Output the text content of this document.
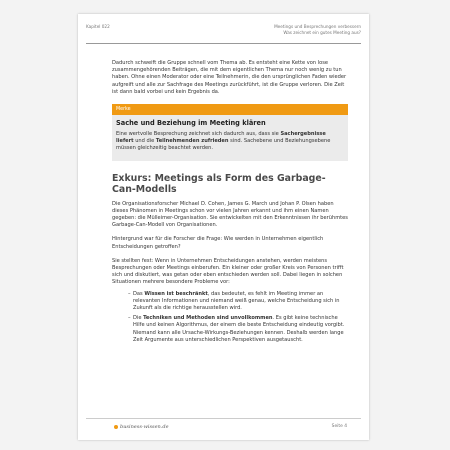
Kapitel 022	Meetings und Besprechungen verbessern
Was zeichnet ein gutes Meeting aus?

Dadurch schweift die Gruppe schnell vom Thema ab. Es entsteht eine Kette von lose zusammengehörenden Beiträgen, die mit dem eigentlichen Thema nur noch wenig zu tun haben. Ohne einen Moderator oder eine Teilnehmerin, die den ursprünglichen Faden wieder aufgreift und alle zur Sachfrage des Meetings zurückführt, ist die Gruppe verloren. Die Zeit ist dann bald vorbei und kein Ergebnis da.

Merke
Sache und Beziehung im Meeting klären
Eine wertvolle Besprechung zeichnet sich dadurch aus, dass sie Sachergebnisse liefert und die Teilnehmenden zufrieden sind. Sachebene und Beziehungsebene müssen gleichzeitig beachtet werden.
Exkurs: Meetings als Form des Garbage-Can-Modells

Die Organisationsforscher Michael D. Cohen, James G. March und Johan P. Olsen haben dieses Phänomen in Meetings schon vor vielen Jahren erkannt und ihm einen Namen gegeben: die Mülleimer-Organisation. Sie entwickelten mit den Erkenntnissen ihr berühmtes Garbage-Can-Modell von Organisationen.

Hintergrund war für die Forscher die Frage: Wie werden in Unternehmen eigentlich Entscheidungen getroffen?

Sie stellten fest: Wenn in Unternehmen Entscheidungen anstehen, werden meistens Besprechungen oder Meetings einberufen. Ein kleiner oder großer Kreis von Personen trifft sich und diskutiert, was getan oder eben entschieden werden soll. Dabei liegen in solchen Situationen mehrere besondere Probleme vor:

– Das Wissen ist beschränkt, das bedeutet, es fehlt im Meeting immer an relevanten Informationen und niemand weiß genau, welche Entscheidung sich in Zukunft als die richtige herausstellen wird.
– Die Techniken und Methoden sind unvollkommen. Es gibt keine technische Hilfe und keinen Algorithmus, der einem die beste Entscheidung eindeutig vorgibt. Niemand kann alle Ursache-Wirkungs-Beziehungen kennen. Deshalb werden lange Zeit Argumente aus unterschiedlichen Perspektiven ausgetauscht.
business-wissen.de	Seite 4
